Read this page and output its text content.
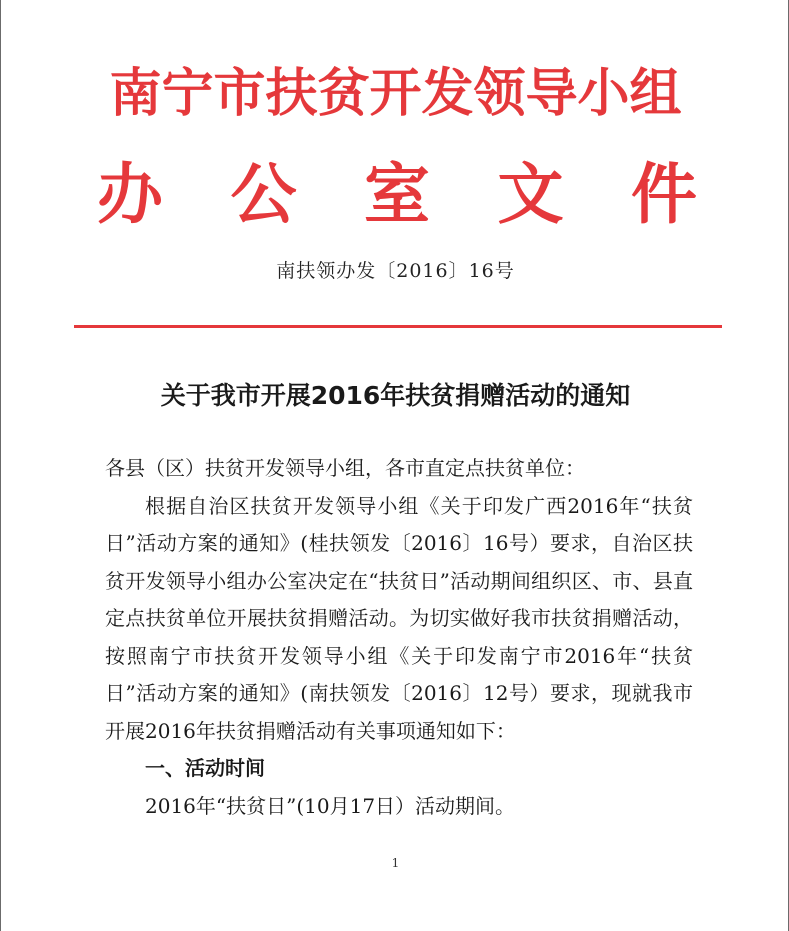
南宁市扶贫开发领导小组
办 公 室 文 件
南扶领办发〔2016〕16号
关于我市开展2016年扶贫捐赠活动的通知

各县（区）扶贫开发领导小组，各市直定点扶贫单位：

根据自治区扶贫开发领导小组《关于印发广西2016年“扶贫日”活动方案的通知》(桂扶领发〔2016〕16号）要求，自治区扶贫开发领导小组办公室决定在“扶贫日”活动期间组织区、市、县直定点扶贫单位开展扶贫捐赠活动。为切实做好我市扶贫捐赠活动，按照南宁市扶贫开发领导小组《关于印发南宁市2016年“扶贫日”活动方案的通知》(南扶领发〔2016〕12号）要求，现就我市开展2016年扶贫捐赠活动有关事项通知如下：

一、活动时间

2016年“扶贫日”(10月17日）活动期间。

1
